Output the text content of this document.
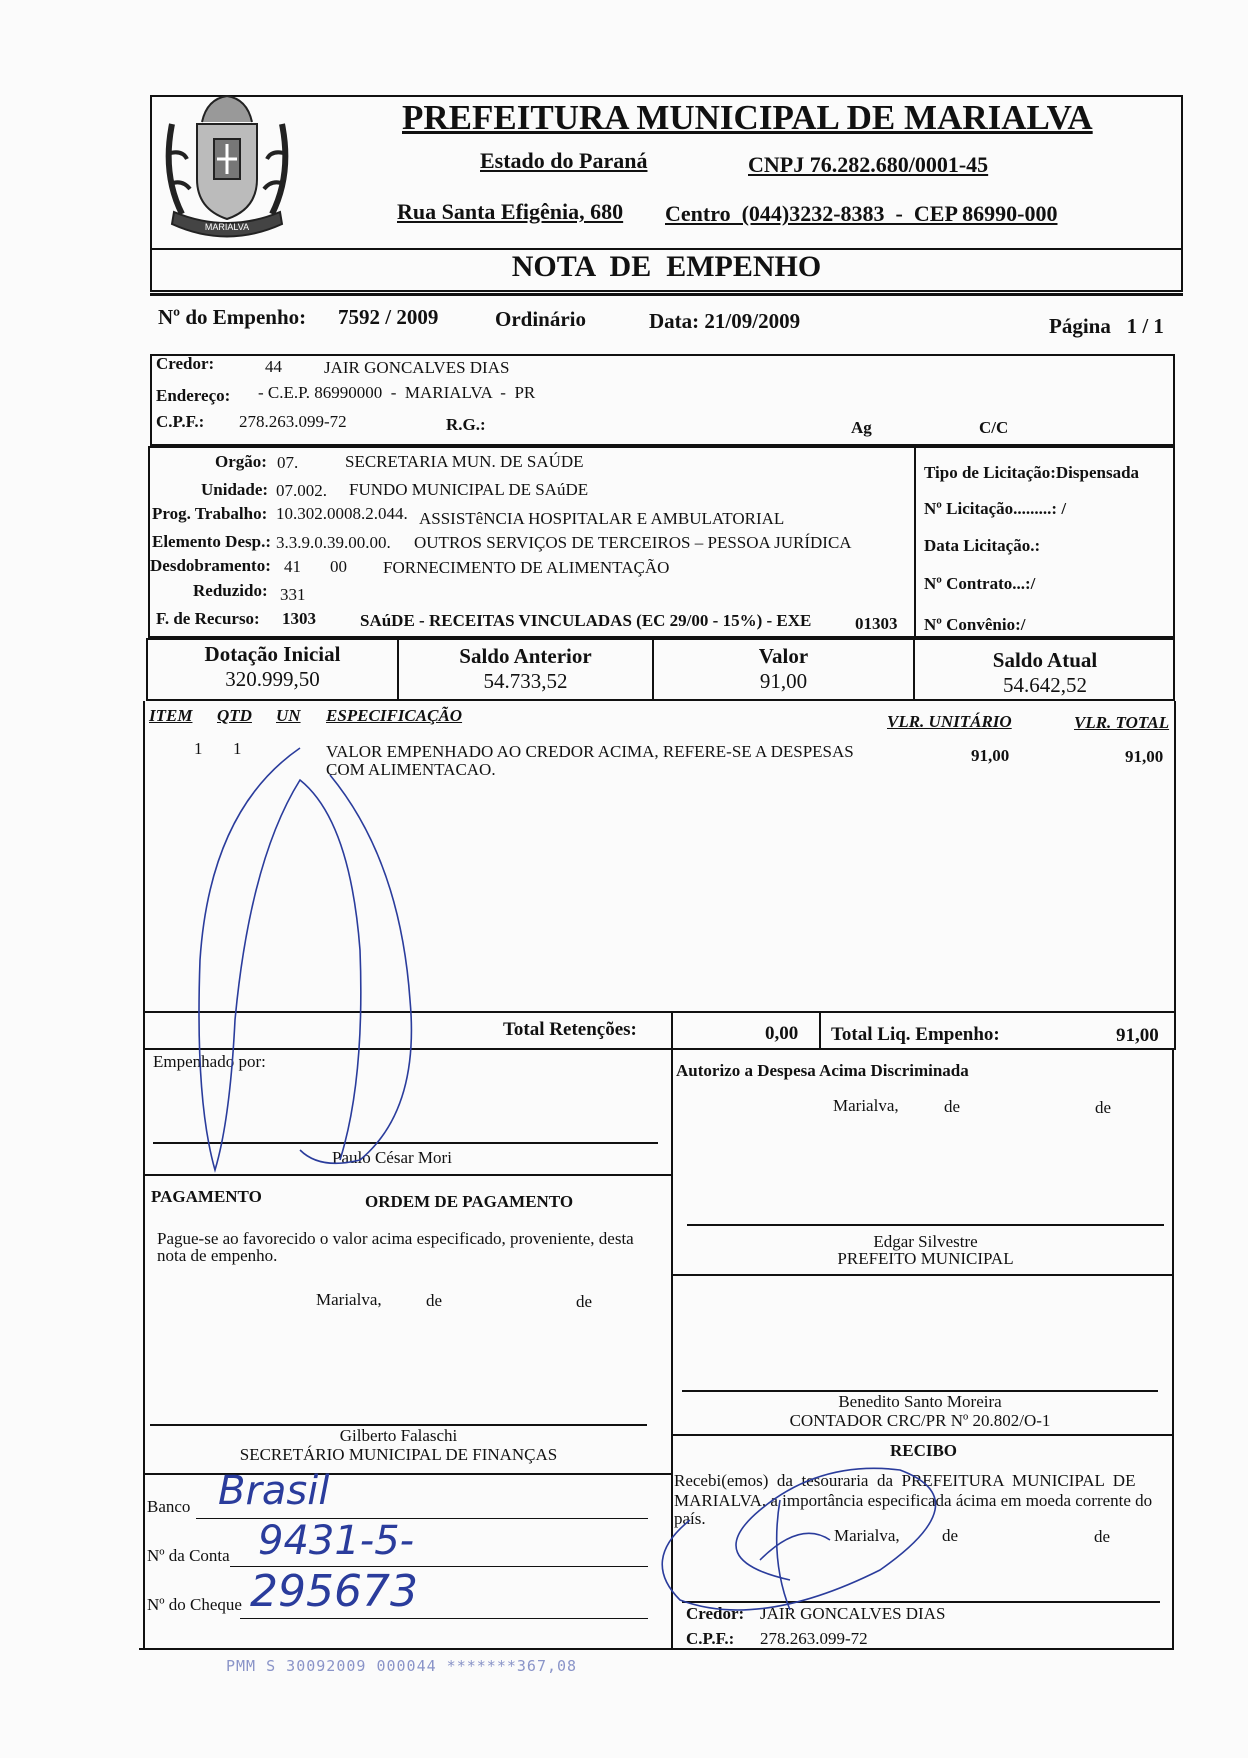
MARIALVA
PREFEITURA MUNICIPAL DE MARIALVA
Estado do Paraná	CNPJ 76.282.680/0001-45
Rua Santa Efigênia, 680 Centro  (044)3232-8383  -  CEP 86990-000
NOTA  DE  EMPENHO
Nº do Empenho: 7592 / 2009	Ordinário	Data: 21/09/2009	Página   1 / 1
Credor:	44 JAIR GONCALVES DIAS
Endereço: - C.E.P. 86990000  -  MARIALVA  -  PR
C.P.F.: 278.263.099-72	R.G.:	Ag	C/C
Orgão: 07.	SECRETARIA MUN. DE SAÚDE
Unidade: 07.002. FUNDO MUNICIPAL DE SAúDE
Prog. Trabalho: 10.302.0008.2.044. ASSISTêNCIA HOSPITALAR E AMBULATORIAL
Elemento Desp.: 3.3.9.0.39.00.00. OUTROS SERVIÇOS DE TERCEIROS – PESSOA JURÍDICA
Desdobramento: 41 00 FORNECIMENTO DE ALIMENTAÇÃO
Reduzido: 331
F. de Recurso: 1303	SAúDE - RECEITAS VINCULADAS (EC 29/00 - 15%) - EXE	01303
Tipo de Licitação:Dispensada
Nº Licitação.........: /
Data Licitação.:
Nº Contrato...:/
Nº Convênio:/
Dotação Inicial
320.999,50
Saldo Anterior
54.733,52
Valor
91,00
Saldo Atual
54.642,52
ITEM QTD UN ESPECIFICAÇÃO	VLR. UNITÁRIO	VLR. TOTAL
1 1	VALOR EMPENHADO AO CREDOR ACIMA, REFERE-SE A DESPESAS
COM ALIMENTACAO.
91,00	91,00
Total Retenções:	0,00 Total Liq. Empenho:	91,00
Empenhado por:
Paulo César Mori
Autorizo a Despesa Acima Discriminada
Marialva,	de	de
Edgar Silvestre
PREFEITO MUNICIPAL
PAGAMENTO	ORDEM DE PAGAMENTO
Pague-se ao favorecido o valor acima especificado, proveniente, desta
nota de empenho.
Marialva,	de	de
Gilberto Falaschi
SECRETÁRIO MUNICIPAL DE FINANÇAS
Benedito Santo Moreira
CONTADOR CRC/PR Nº 20.802/O-1
Banco Brasil
Nº da Conta 9431-5-
Nº do Cheque 295673
RECIBO
Recebi(emos)  da  tesouraria  da  PREFEITURA  MUNICIPAL  DE
MARIALVA, a importância especificada ácima em moeda corrente do
país.
Marialva, de	de
Credor: JAIR GONCALVES DIAS
C.P.F.: 278.263.099-72
PMM S 30092009 000044 *******367,08
